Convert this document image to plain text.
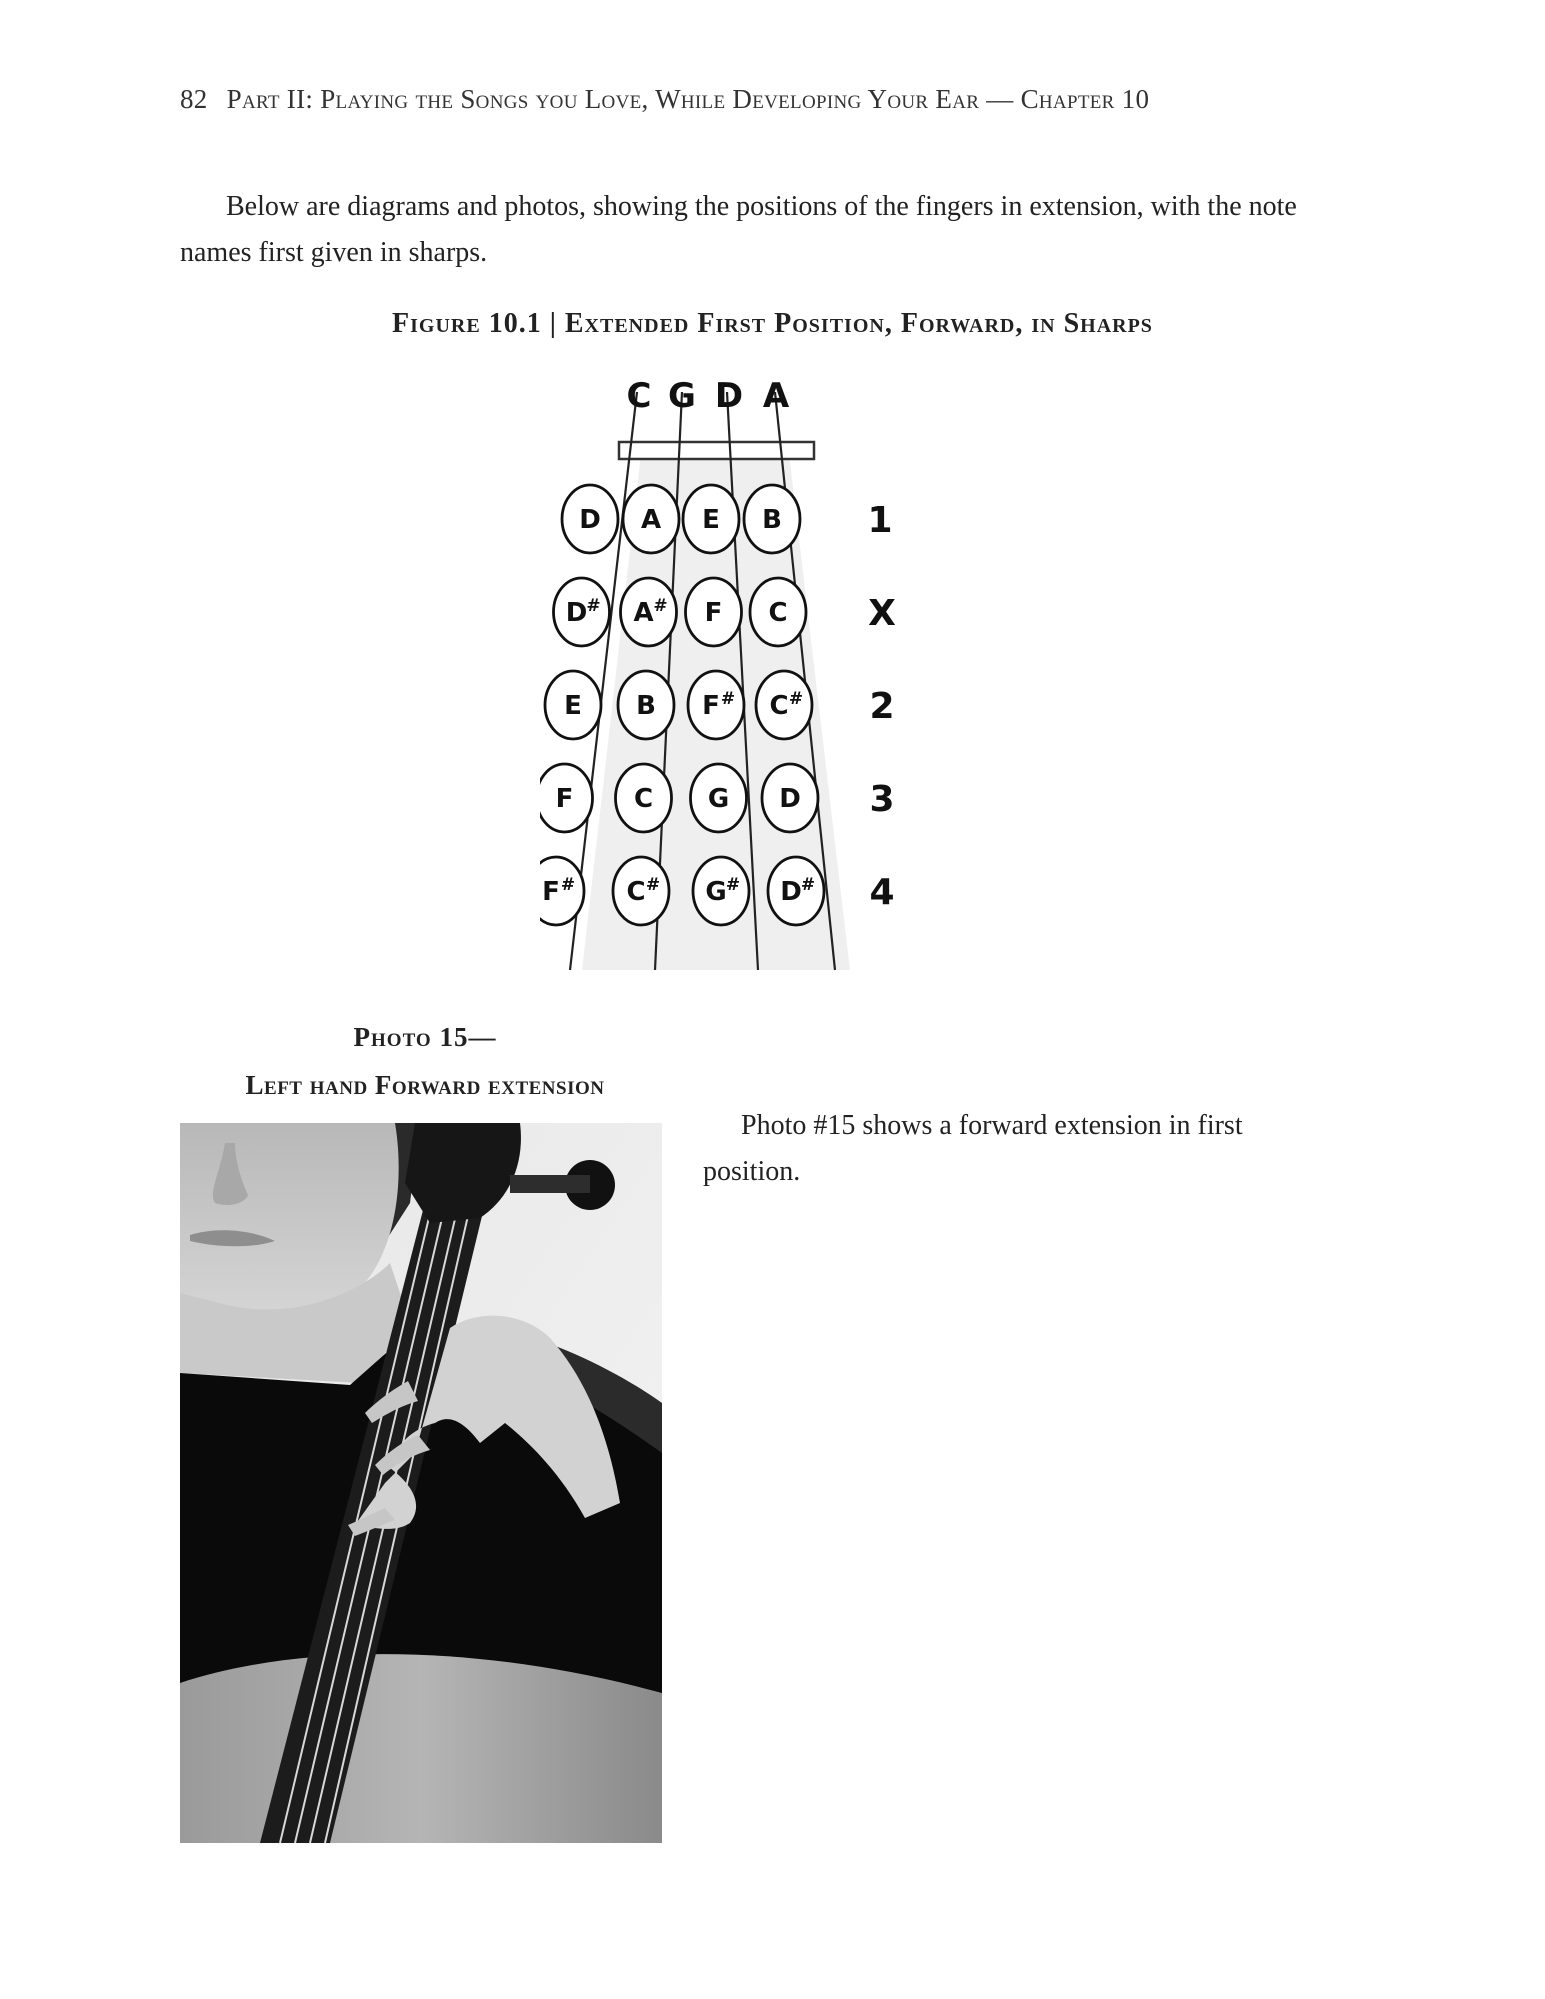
82 Part II: Playing the Songs you Love, While Developing Your Ear — Chapter 10

Below are diagrams and photos, showing the positions of the fingers in extension, with the note names first given in sharps.

Figure 10.1 | Extended First Position, Forward, in Sharps
C G D A
D A E B
D # A # F C
E B F # C #
F C G D
F # C # G # D #
1
X
2
3
4
Photo 15—
Left hand Forward extension

Photo #15 shows a forward extension in first position.
